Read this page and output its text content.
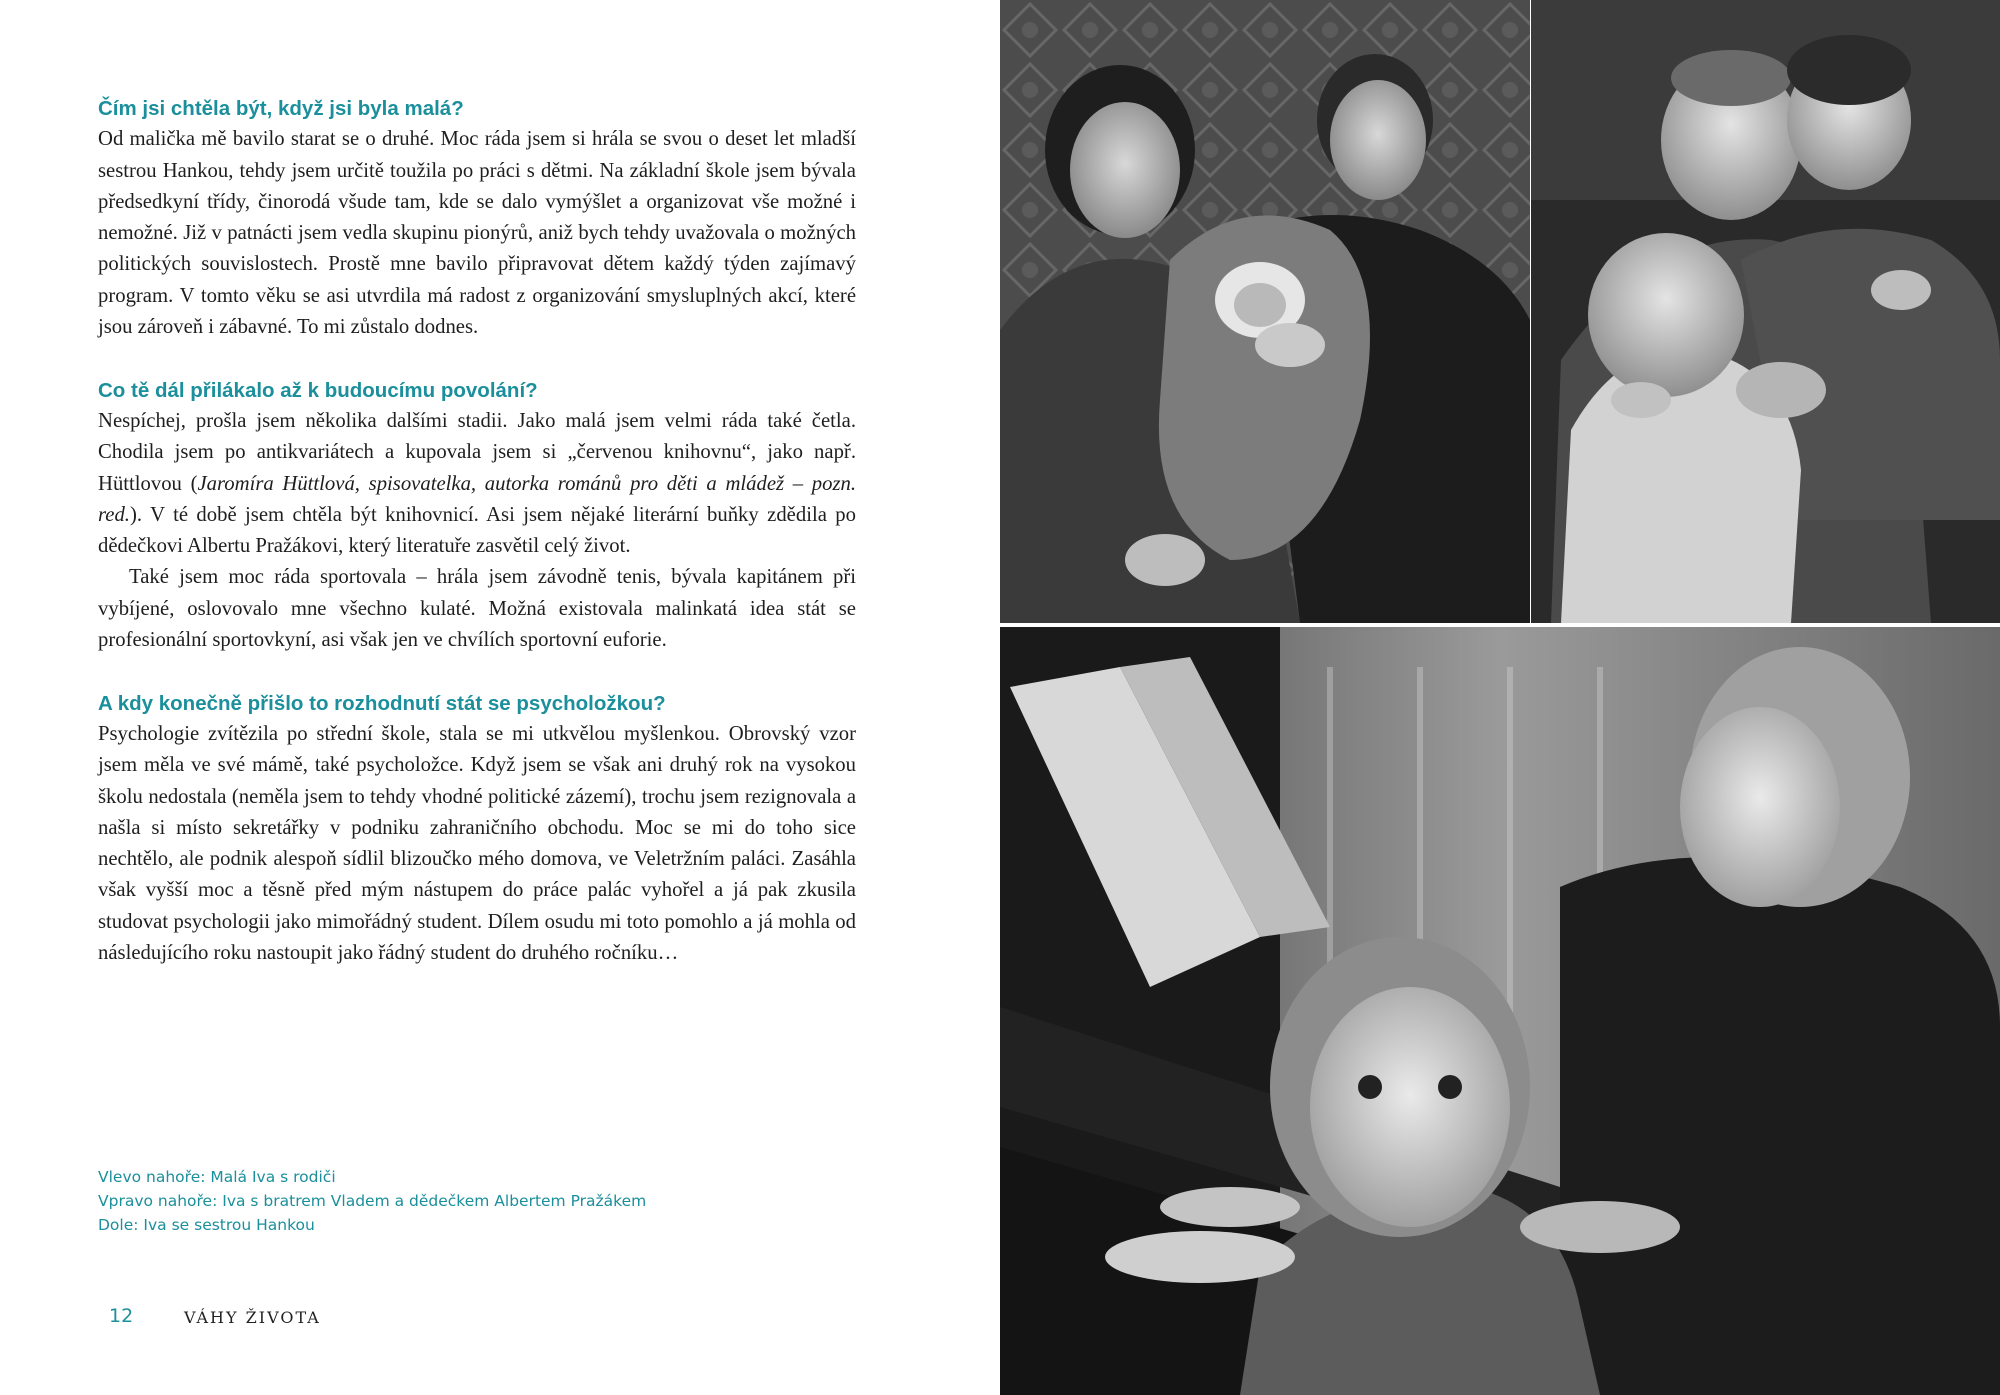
Čím jsi chtěla být, když jsi byla malá?

Od malička mě bavilo starat se o druhé. Moc ráda jsem si hrála se svou o deset let mladší sestrou Hankou, tehdy jsem určitě toužila po práci s dětmi. Na základní škole jsem bývala předsedkyní třídy, činorodá všude tam, kde se dalo vymýšlet a organizovat vše možné i nemožné. Již v patnácti jsem vedla skupinu pionýrů, aniž bych tehdy uvažovala o možných politických souvislostech. Prostě mne bavilo připravovat dětem každý týden zajímavý program. V tomto věku se asi utvrdila má radost z organizování smysluplných akcí, které jsou zároveň i zábavné. To mi zůstalo dodnes.

Co tě dál přilákalo až k budoucímu povolání?

Nespíchej, prošla jsem několika dalšími stadii. Jako malá jsem velmi ráda také četla. Chodila jsem po antikvariátech a kupovala jsem si „červenou knihovnu“, jako např. Hüttlovou (Jaromíra Hüttlová, spisovatelka, autorka románů pro děti a mládež – pozn. red.). V té době jsem chtěla být knihovnicí. Asi jsem nějaké literární buňky zdědila po dědečkovi Albertu Pražákovi, který literatuře zasvětil celý život.

Také jsem moc ráda sportovala – hrála jsem závodně tenis, bývala kapitánem při vybíjené, oslovovalo mne všechno kulaté. Možná existovala malinkatá idea stát se profesionální sportovkyní, asi však jen ve chvílích sportovní euforie.

A kdy konečně přišlo to rozhodnutí stát se psycholožkou?

Psychologie zvítězila po střední škole, stala se mi utkvělou myšlenkou. Obrovský vzor jsem měla ve své mámě, také psycholožce. Když jsem se však ani druhý rok na vysokou školu nedostala (neměla jsem to tehdy vhodné politické zázemí), trochu jsem rezignovala a našla si místo sekretářky v podniku zahraničního obchodu. Moc se mi do toho sice nechtělo, ale podnik alespoň sídlil blizoučko mého domova, ve Veletržním paláci. Zasáhla však vyšší moc a těsně před mým nástupem do práce palác vyhořel a já pak zkusila studovat psychologii jako mimořádný student. Dílem osudu mi toto pomohlo a já mohla od následujícího roku nastoupit jako řádný student do druhého ročníku…

Vlevo nahoře: Malá Iva s rodiči
Vpravo nahoře: Iva s bratrem Vladem a dědečkem Albertem Pražákem
Dole: Iva se sestrou Hankou
12	VÁHY ŽIVOTA
